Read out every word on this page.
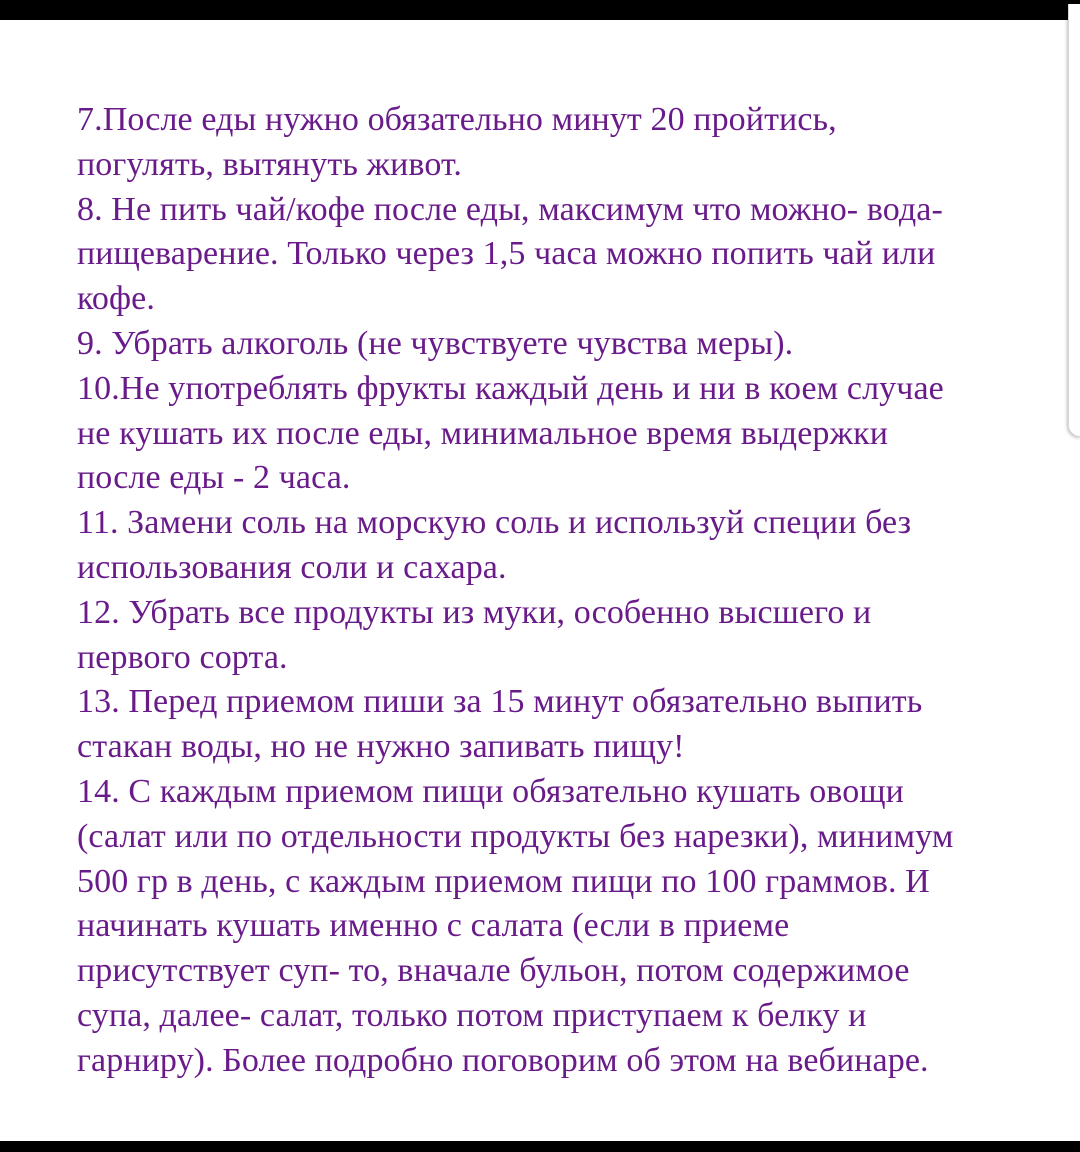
7.После еды нужно обязательно минут 20 пройтись,
погулять, вытянуть живот.
8. Не пить чай/кофе после еды, максимум что можно- вода-
пищеварение. Только через 1,5 часа можно попить чай или
кофе.
9. Убрать алкоголь (не чувствуете чувства меры).
10.Не употреблять фрукты каждый день и ни в коем случае
не кушать их после еды, минимальное время выдержки
после еды - 2 часа.
11. Замени соль на морскую соль и используй специи без
использования соли и сахара.
12. Убрать все продукты из муки, особенно высшего и
первого сорта.
13. Перед приемом пиши за 15 минут обязательно выпить
стакан воды, но не нужно запивать пищу!
14. С каждым приемом пищи обязательно кушать овощи
(салат или по отдельности продукты без нарезки), минимум
500 гр в день, с каждым приемом пищи по 100 граммов. И
начинать кушать именно с салата (если в приеме
присутствует суп- то, вначале бульон, потом содержимое
супа, далее- салат, только потом приступаем к белку и
гарниру). Более подробно поговорим об этом на вебинаре.
